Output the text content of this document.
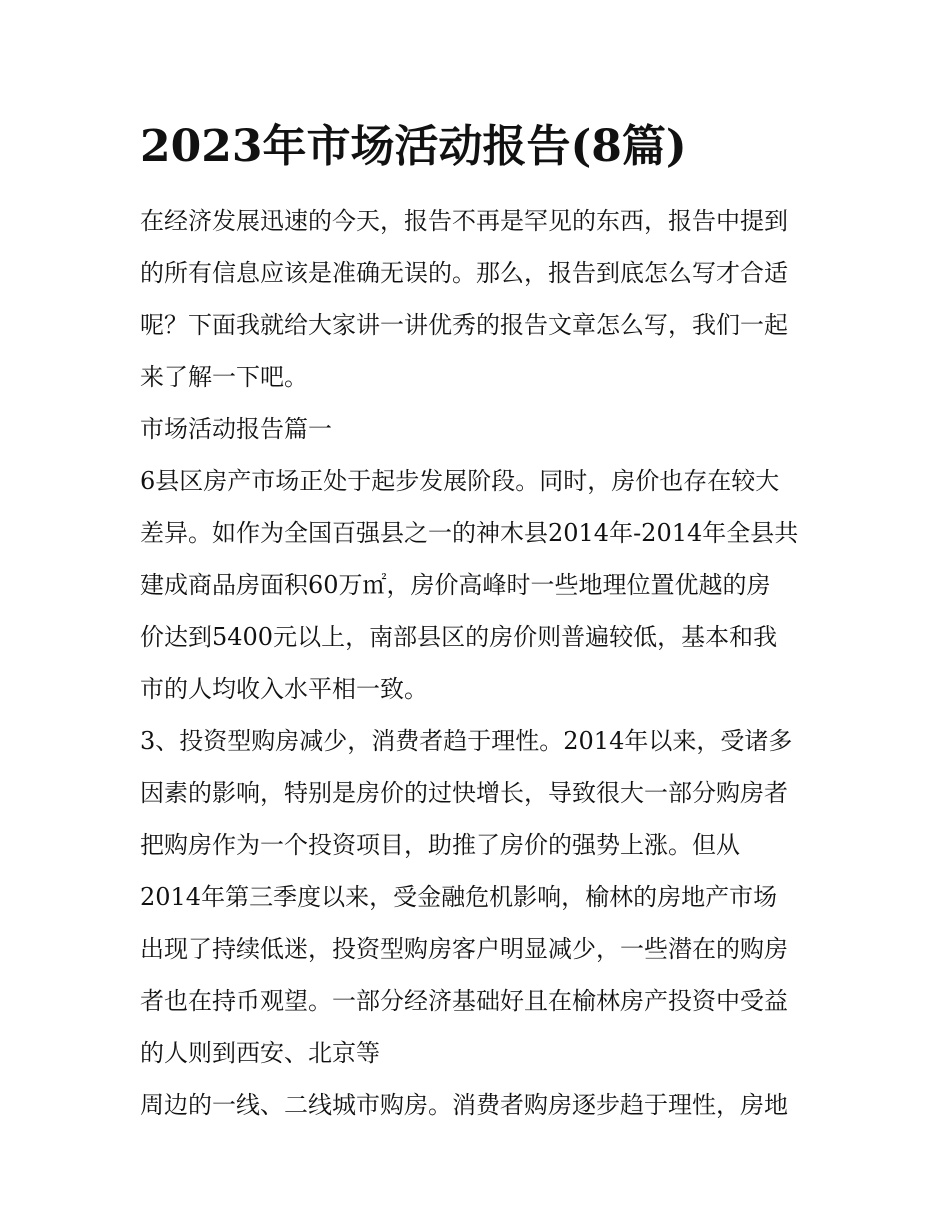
2023年市场活动报告(8篇)
在经济发展迅速的今天，报告不再是罕见的东西，报告中提到
的所有信息应该是准确无误的。那么，报告到底怎么写才合适
呢？下面我就给大家讲一讲优秀的报告文章怎么写，我们一起
来了解一下吧。
市场活动报告篇一
6县区房产市场正处于起步发展阶段。同时，房价也存在较大
差异。如作为全国百强县之一的神木县2014年-2014年全县共
建成商品房面积60万㎡，房价高峰时一些地理位置优越的房
价达到5400元以上，南部县区的房价则普遍较低，基本和我
市的人均收入水平相一致。
3、投资型购房减少，消费者趋于理性。2014年以来，受诸多
因素的影响，特别是房价的过快增长，导致很大一部分购房者
把购房作为一个投资项目，助推了房价的强势上涨。但从
2014年第三季度以来，受金融危机影响，榆林的房地产市场
出现了持续低迷，投资型购房客户明显减少，一些潜在的购房
者也在持币观望。一部分经济基础好且在榆林房产投资中受益
的人则到西安、北京等
周边的一线、二线城市购房。消费者购房逐步趋于理性，房地
